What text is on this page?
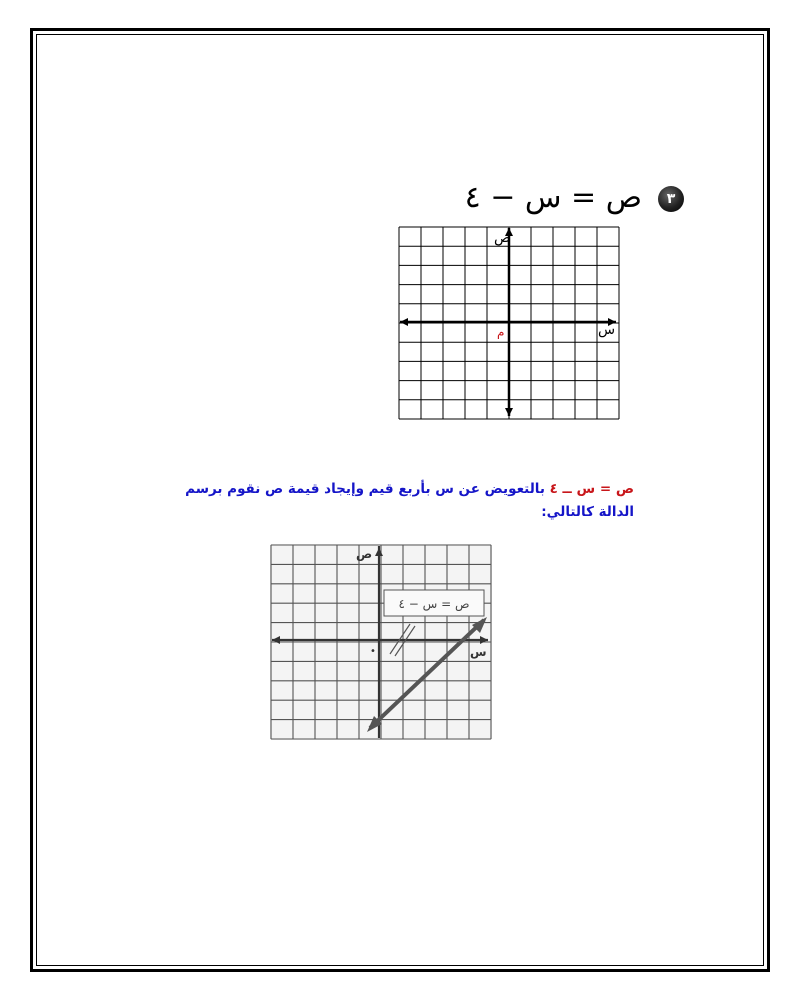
٣
ص = س − ٤
ص
س
م
ص = س ــ ٤ بالتعويض عن س بأربع قيم وإيجاد قيمة ص نقوم برسم
الدالة كالتالي:
ص
س
•
ص = س − ٤
